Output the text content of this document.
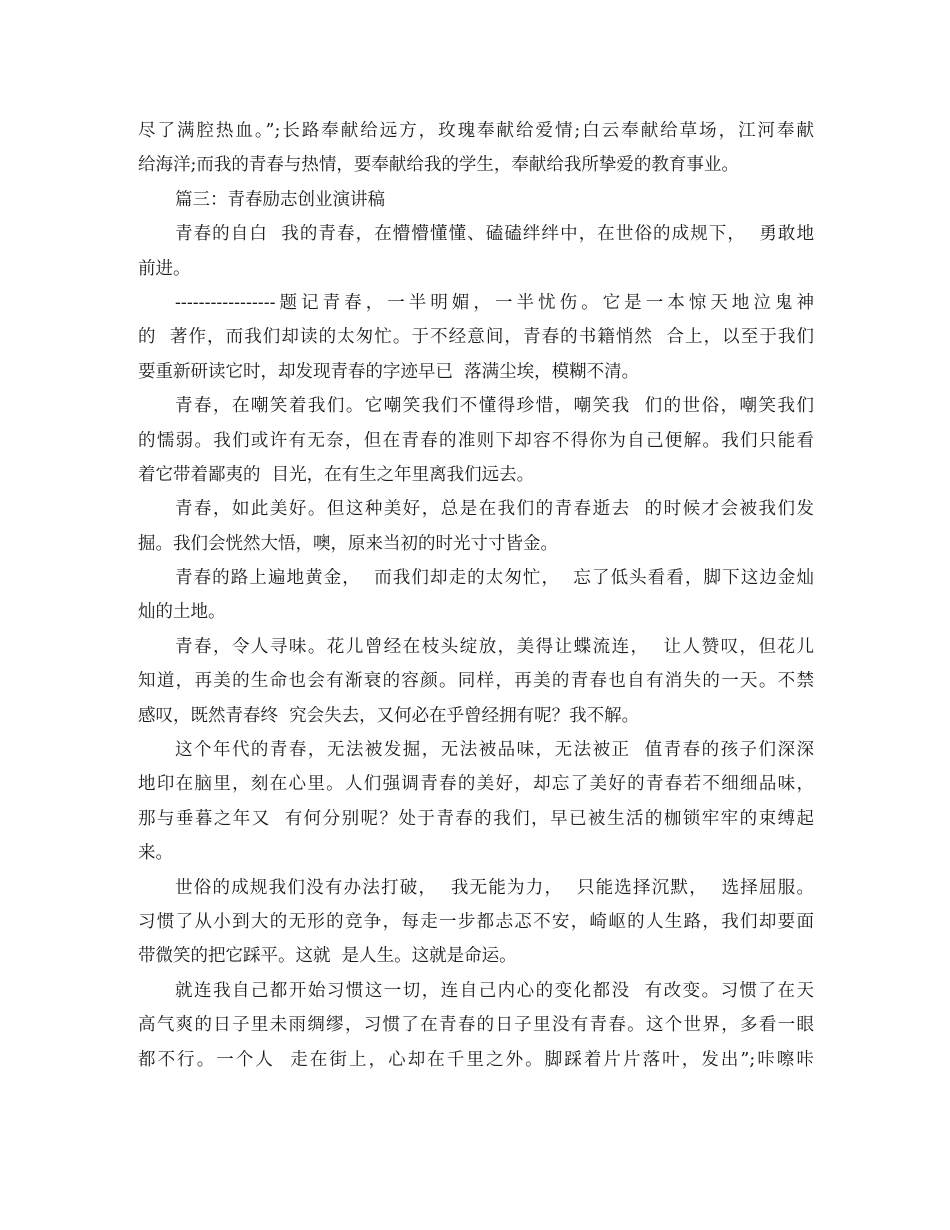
尽了满腔热血。”;长路奉献给远方，玫瑰奉献给爱情;白云奉献给草场，江河奉献
给海洋;而我的青春与热情，要奉献给我的学生，奉献给我所挚爱的教育事业。
篇三：青春励志创业演讲稿
青春的自白  我的青春，在懵懵懂懂、磕磕绊绊中，在世俗的成规下，  勇敢地
前进。
-----------------题记青春，一半明媚，一半忧伤。它是一本惊天地泣鬼神
的  著作，而我们却读的太匆忙。于不经意间，青春的书籍悄然  合上，以至于我们
要重新研读它时，却发现青春的字迹早已  落满尘埃，模糊不清。
青春，在嘲笑着我们。它嘲笑我们不懂得珍惜，嘲笑我  们的世俗，嘲笑我们
的懦弱。我们或许有无奈，但在青春的准则下却容不得你为自己便解。我们只能看
着它带着鄙夷的  目光，在有生之年里离我们远去。
青春，如此美好。但这种美好，总是在我们的青春逝去  的时候才会被我们发
掘。我们会恍然大悟，噢，原来当初的时光寸寸皆金。
青春的路上遍地黄金，  而我们却走的太匆忙，  忘了低头看看，脚下这边金灿
灿的土地。
青春，令人寻味。花儿曾经在枝头绽放，美得让蝶流连，  让人赞叹，但花儿
知道，再美的生命也会有渐衰的容颜。同样，再美的青春也自有消失的一天。不禁
感叹，既然青春终  究会失去，又何必在乎曾经拥有呢？我不解。
这个年代的青春，无法被发掘，无法被品味，无法被正  值青春的孩子们深深
地印在脑里，刻在心里。人们强调青春的美好，却忘了美好的青春若不细细品味，
那与垂暮之年又  有何分别呢？处于青春的我们，早已被生活的枷锁牢牢的束缚起
来。
世俗的成规我们没有办法打破，  我无能为力，  只能选择沉默，  选择屈服。
习惯了从小到大的无形的竞争，每走一步都忐忑不安，崎岖的人生路，我们却要面
带微笑的把它踩平。这就  是人生。这就是命运。
就连我自己都开始习惯这一切，连自己内心的变化都没  有改变。习惯了在天
高气爽的日子里未雨绸缪，习惯了在青春的日子里没有青春。这个世界，多看一眼
都不行。一个人  走在街上，心却在千里之外。脚踩着片片落叶，发出”;咔嚓咔
